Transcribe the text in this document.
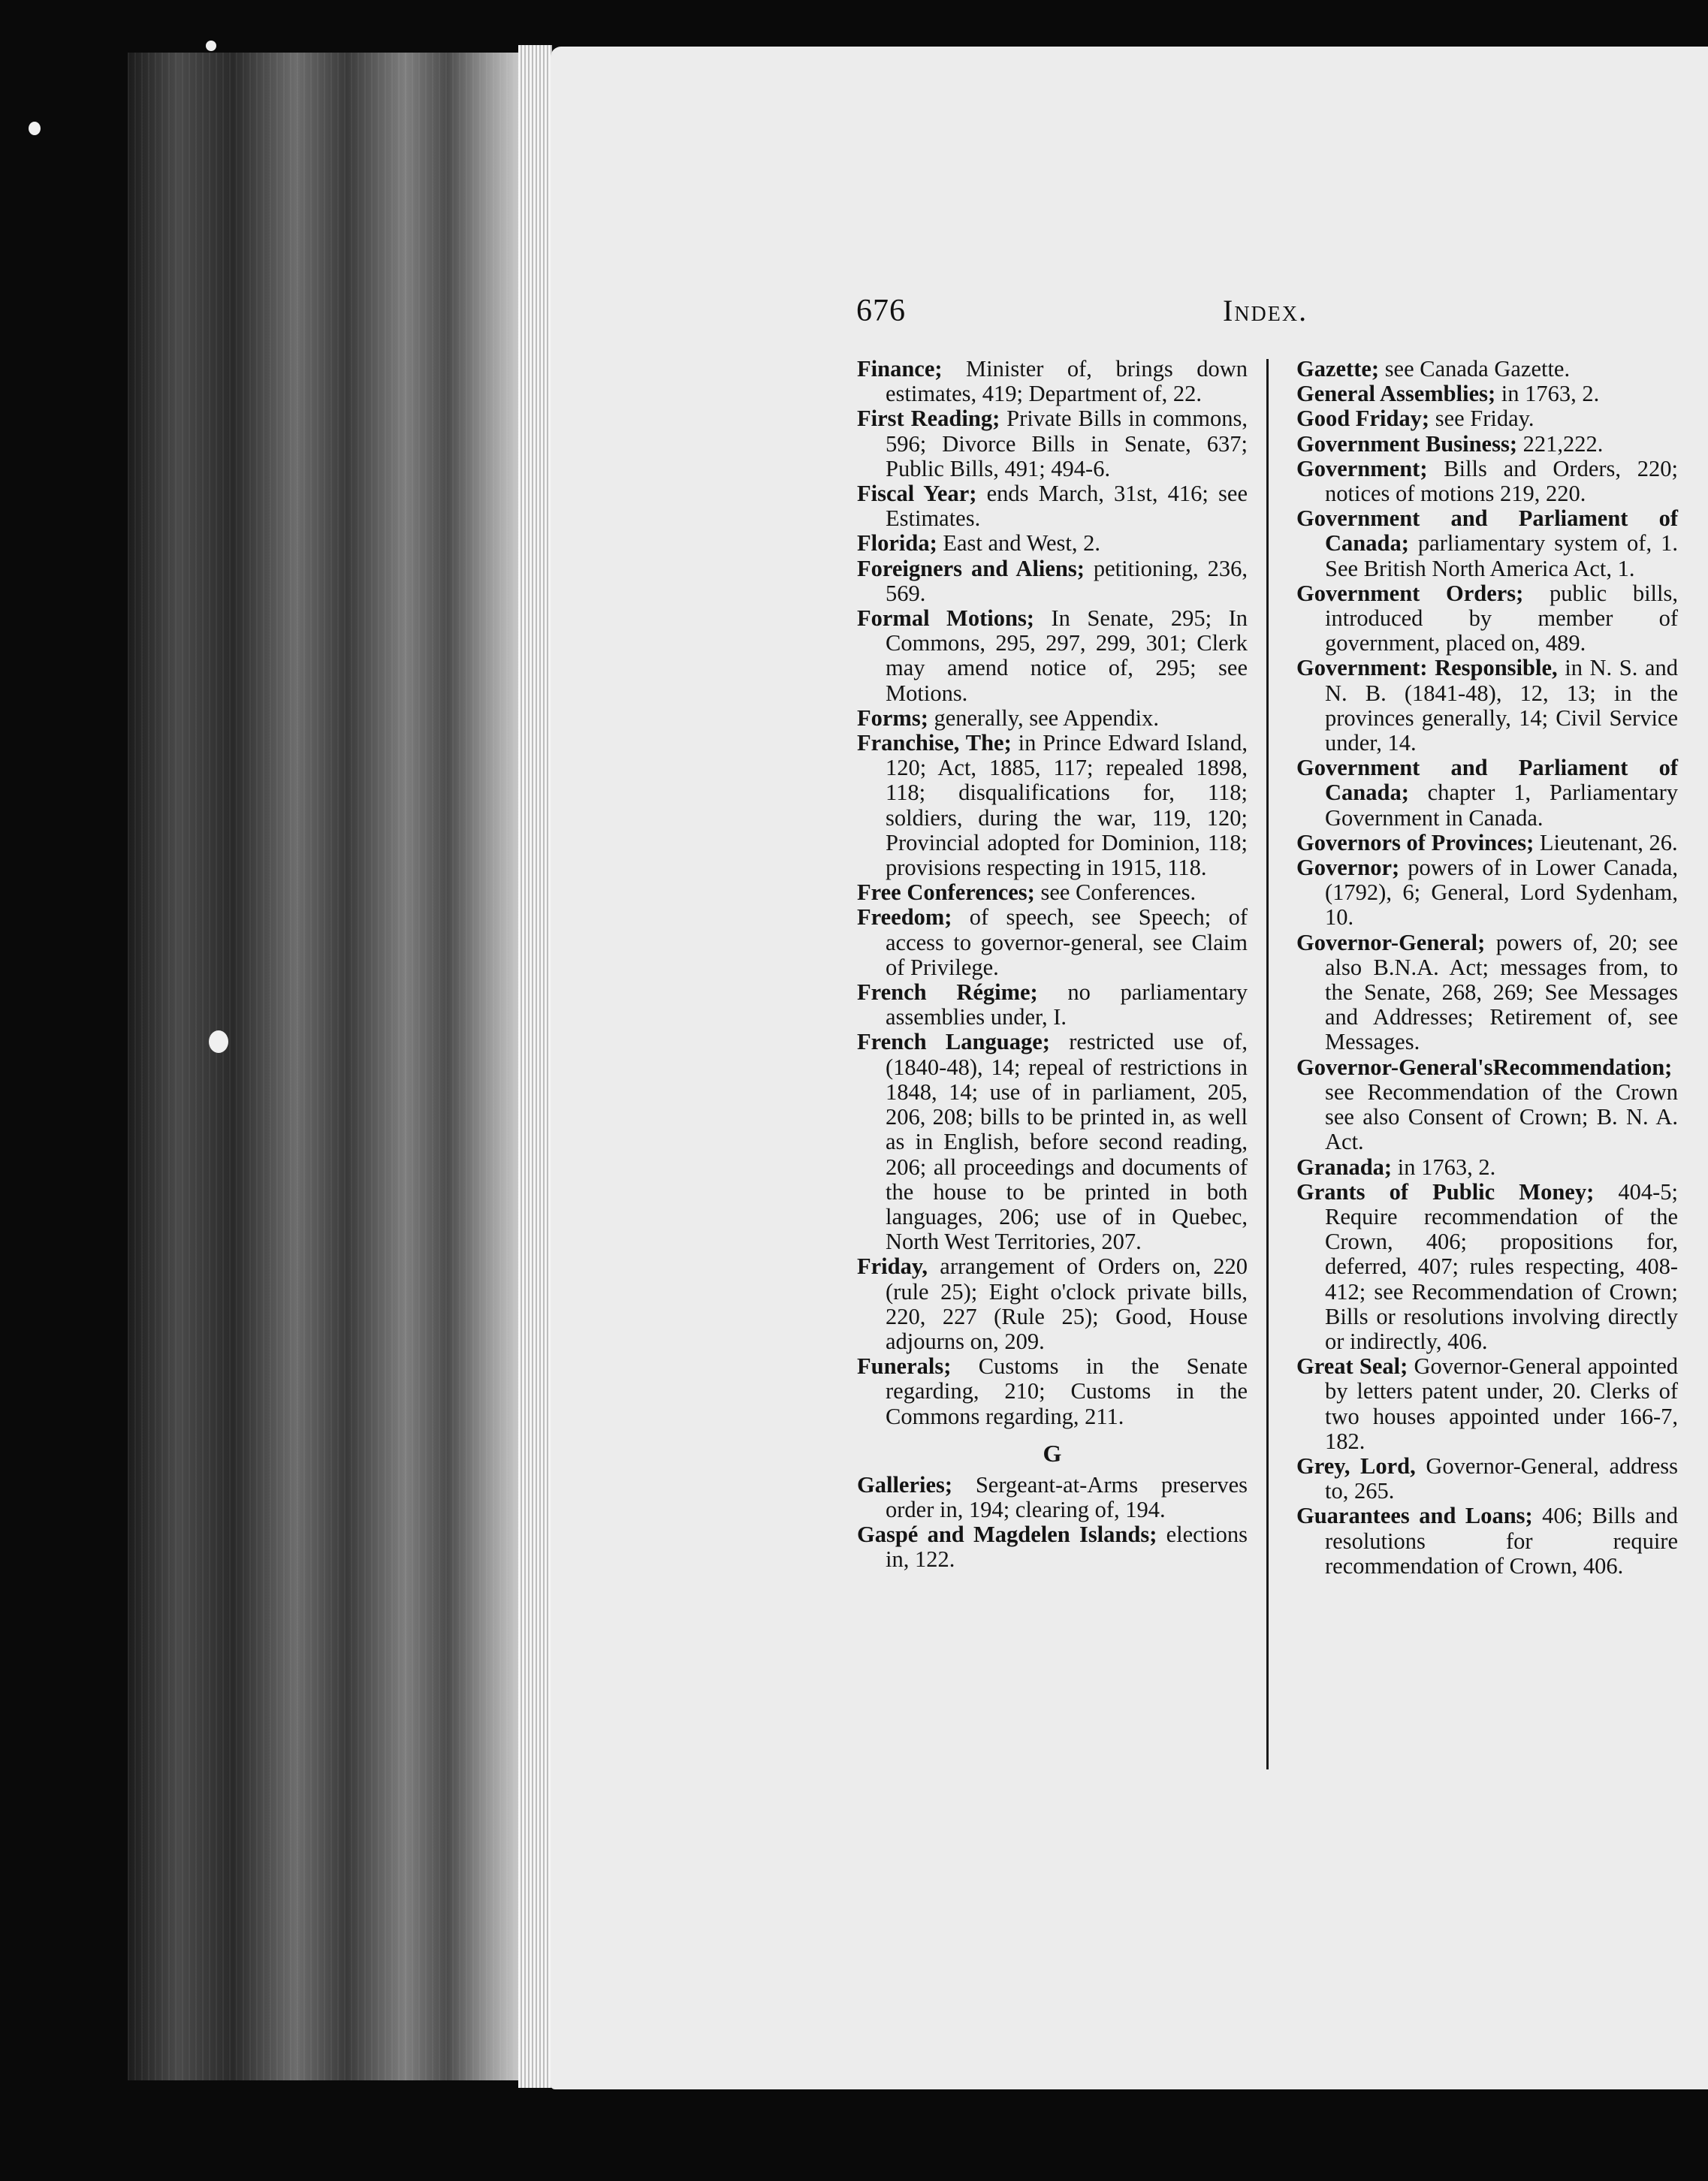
676	Index.
Finance; Minister of, brings down estimates, 419; Department of, 22.
First Reading; Private Bills in commons, 596; Divorce Bills in Senate, 637; Public Bills, 491; 494-6.
Fiscal Year; ends March, 31st, 416; see Estimates.
Florida; East and West, 2.
Foreigners and Aliens; petitioning, 236, 569.
Formal Motions; In Senate, 295; In Commons, 295, 297, 299, 301; Clerk may amend notice of, 295; see Motions.
Forms; generally, see Appendix.
Franchise, The; in Prince Edward Island, 120; Act, 1885, 117; repealed 1898, 118; disqualifications for, 118; soldiers, during the war, 119, 120; Provincial adopted for Dominion, 118; provisions respecting in 1915, 118.
Free Conferences; see Conferences.
Freedom; of speech, see Speech; of access to governor-general, see Claim of Privilege.
French Régime; no parliamentary assemblies under, I.
French Language; restricted use of, (1840-48), 14; repeal of restrictions in 1848, 14; use of in parliament, 205, 206, 208; bills to be printed in, as well as in English, before second reading, 206; all proceedings and documents of the house to be printed in both languages, 206; use of in Quebec, North West Territories, 207.
Friday, arrangement of Orders on, 220 (rule 25); Eight o'clock private bills, 220, 227 (Rule 25); Good, House adjourns on, 209.
Funerals; Customs in the Senate regarding, 210; Customs in the Commons regarding, 211.
G
Galleries; Sergeant-at-Arms preserves order in, 194; clearing of, 194.
Gaspé and Magdelen Islands; elections in, 122.
Gazette; see Canada Gazette.
General Assemblies; in 1763, 2.
Good Friday; see Friday.
Government Business; 221,222.
Government; Bills and Orders, 220; notices of motions 219, 220.
Government and Parliament of Canada; parliamentary system of, 1. See British North America Act, 1.
Government Orders; public bills, introduced by member of government, placed on, 489.
Government: Responsible, in N. S. and N. B. (1841-48), 12, 13; in the provinces generally, 14; Civil Service under, 14.
Government and Parliament of Canada; chapter 1, Parliamentary Government in Canada.
Governors of Provinces; Lieutenant, 26.
Governor; powers of in Lower Canada, (1792), 6; General, Lord Sydenham, 10.
Governor-General; powers of, 20; see also B.N.A. Act; messages from, to the Senate, 268, 269; See Messages and Addresses; Retirement of, see Messages.
Governor-General'sRecommendation; see Recommendation of the Crown see also Consent of Crown; B. N. A. Act.
Granada; in 1763, 2.
Grants of Public Money; 404-5; Require recommendation of the Crown, 406; propositions for, deferred, 407; rules respecting, 408-412; see Recommendation of Crown; Bills or resolutions involving directly or indirectly, 406.
Great Seal; Governor-General appointed by letters patent under, 20. Clerks of two houses appointed under 166-7, 182.
Grey, Lord, Governor-General, address to, 265.
Guarantees and Loans; 406; Bills and resolutions for require recommendation of Crown, 406.
